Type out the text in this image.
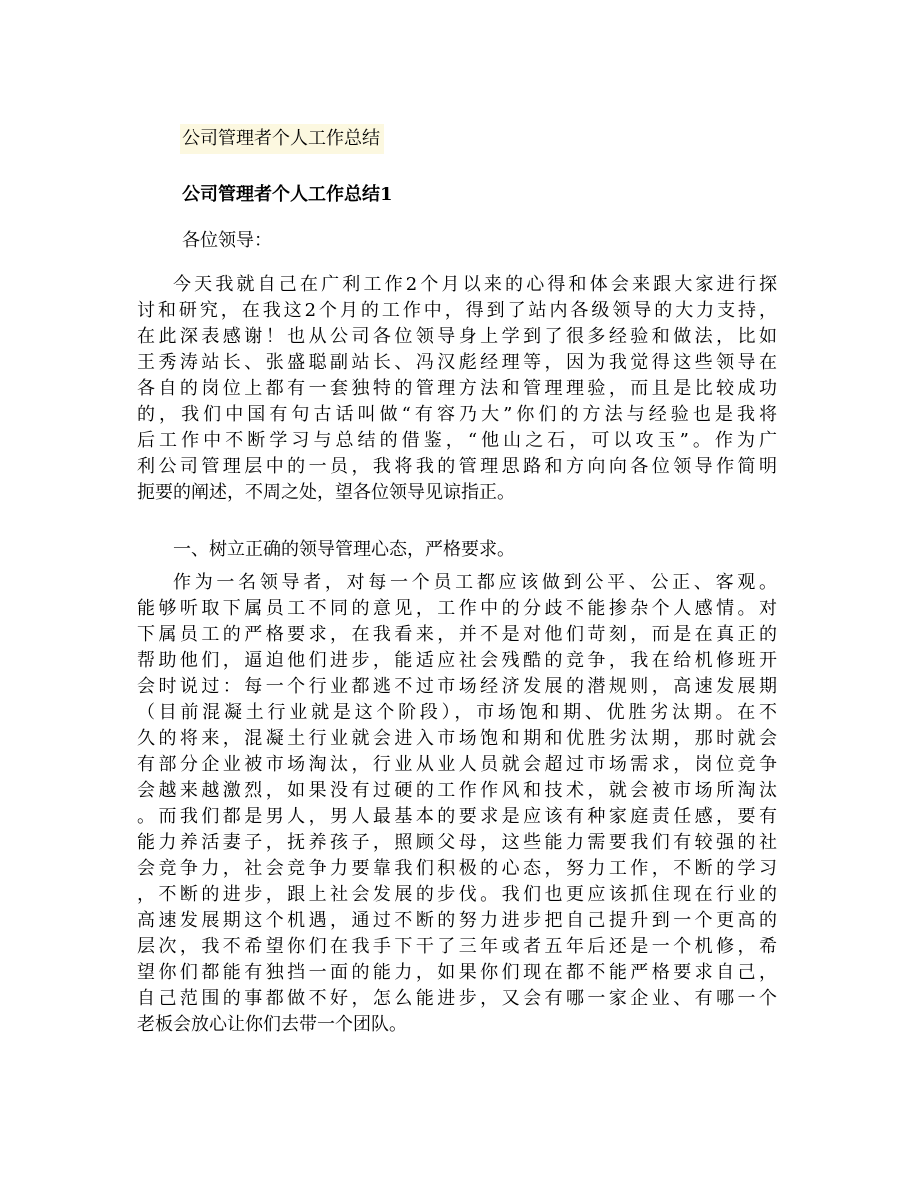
公司管理者个人工作总结
公司管理者个人工作总结1
各位领导：
今天我就自己在广利工作2个月以来的心得和体会来跟大家进行探
讨和研究，在我这2个月的工作中，得到了站内各级领导的大力支持，
在此深表感谢！也从公司各位领导身上学到了很多经验和做法，比如
王秀涛站长、张盛聪副站长、冯汉彪经理等，因为我觉得这些领导在
各自的岗位上都有一套独特的管理方法和管理理验，而且是比较成功
的，我们中国有句古话叫做“有容乃大”你们的方法与经验也是我将
后工作中不断学习与总结的借鉴，“他山之石，可以攻玉”。作为广
利公司管理层中的一员，我将我的管理思路和方向向各位领导作简明
扼要的阐述，不周之处，望各位领导见谅指正。
一、树立正确的领导管理心态，严格要求。
作为一名领导者，对每一个员工都应该做到公平、公正、客观。
能够听取下属员工不同的意见，工作中的分歧不能掺杂个人感情。对
下属员工的严格要求，在我看来，并不是对他们苛刻，而是在真正的
帮助他们，逼迫他们进步，能适应社会残酷的竞争，我在给机修班开
会时说过：每一个行业都逃不过市场经济发展的潜规则，高速发展期
（目前混凝土行业就是这个阶段），市场饱和期、优胜劣汰期。在不
久的将来，混凝土行业就会进入市场饱和期和优胜劣汰期，那时就会
有部分企业被市场淘汰，行业从业人员就会超过市场需求，岗位竞争
会越来越激烈，如果没有过硬的工作作风和技术，就会被市场所淘汰
。而我们都是男人，男人最基本的要求是应该有种家庭责任感，要有
能力养活妻子，抚养孩子，照顾父母，这些能力需要我们有较强的社
会竞争力，社会竞争力要靠我们积极的心态，努力工作，不断的学习
，不断的进步，跟上社会发展的步伐。我们也更应该抓住现在行业的
高速发展期这个机遇，通过不断的努力进步把自己提升到一个更高的
层次，我不希望你们在我手下干了三年或者五年后还是一个机修，希
望你们都能有独挡一面的能力，如果你们现在都不能严格要求自己，
自己范围的事都做不好，怎么能进步，又会有哪一家企业、有哪一个
老板会放心让你们去带一个团队。
